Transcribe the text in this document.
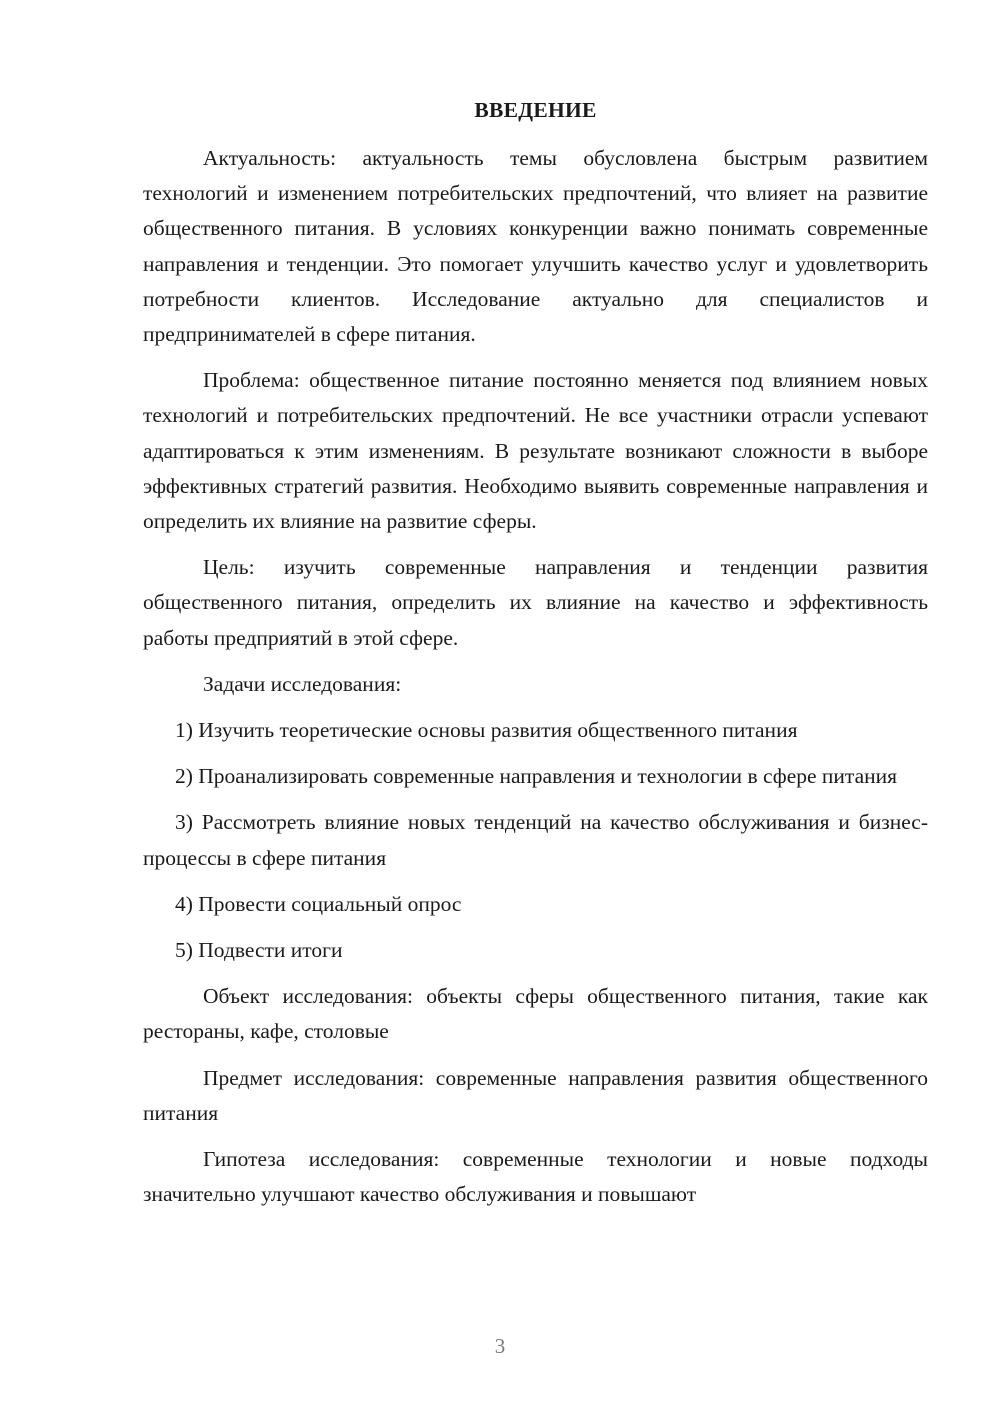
ВВЕДЕНИЕ

Актуальность: актуальность темы обусловлена быстрым развитием технологий и изменением потребительских предпочтений, что влияет на развитие общественного питания. В условиях конкуренции важно понимать современные направления и тенденции. Это помогает улучшить качество услуг и удовлетворить потребности клиентов. Исследование актуально для специалистов и предпринимателей в сфере питания.

Проблема: общественное питание постоянно меняется под влиянием новых технологий и потребительских предпочтений. Не все участники отрасли успевают адаптироваться к этим изменениям. В результате возникают сложности в выборе эффективных стратегий развития. Необходимо выявить современные направления и определить их влияние на развитие сферы.

Цель: изучить современные направления и тенденции развития общественного питания, определить их влияние на качество и эффективность работы предприятий в этой сфере.

Задачи исследования:

1) Изучить теоретические основы развития общественного питания

2) Проанализировать современные направления и технологии в сфере питания

3) Рассмотреть влияние новых тенденций на качество обслуживания и бизнес-процессы в сфере питания

4) Провести социальный опрос

5) Подвести итоги

Объект исследования: объекты сферы общественного питания, такие как рестораны, кафе, столовые

Предмет исследования: современные направления развития общественного питания

Гипотеза исследования: современные технологии и новые подходы значительно улучшают качество обслуживания и повышают

3
